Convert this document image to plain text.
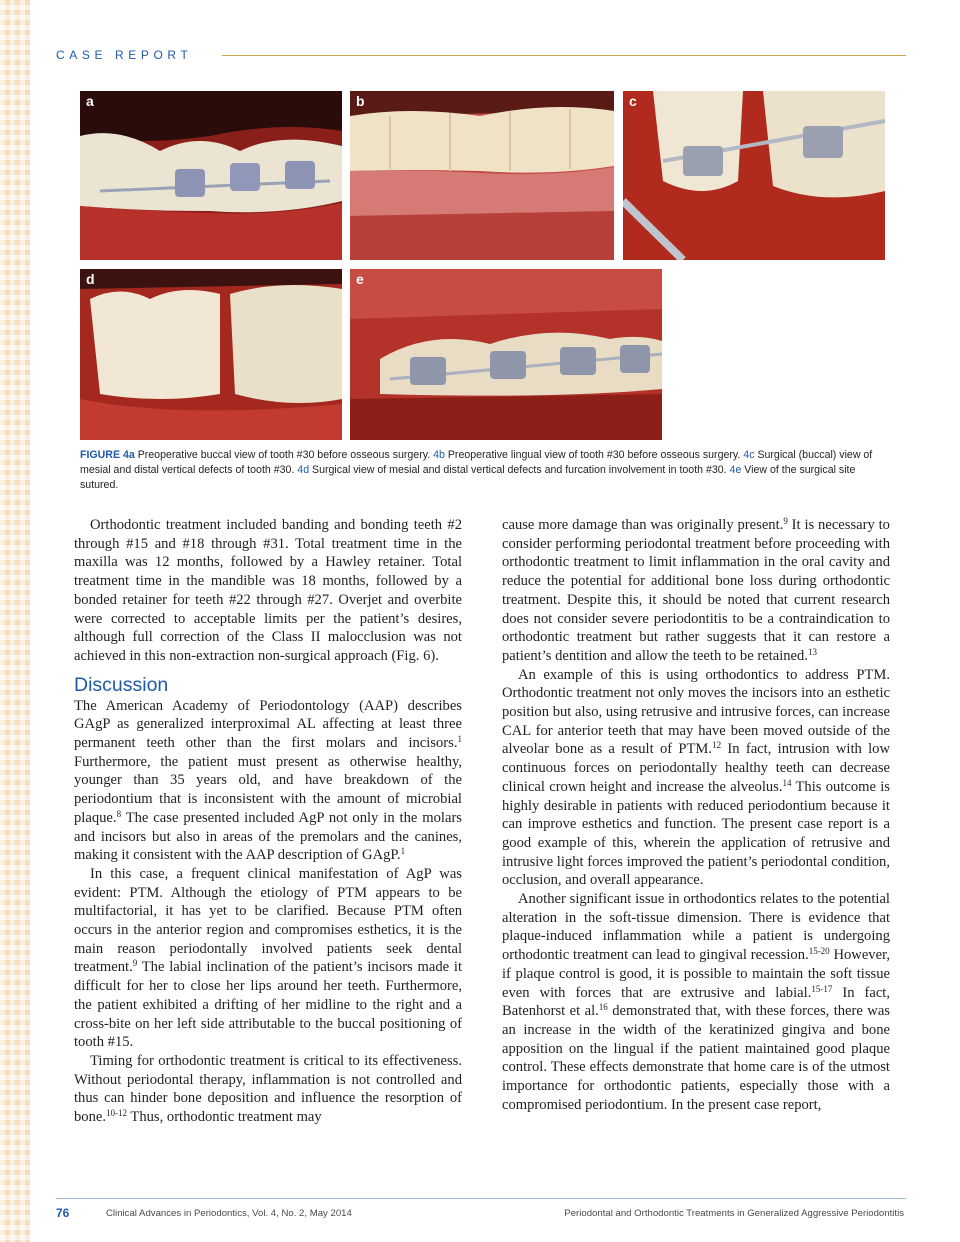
CASE REPORT
a	b	c
d	e
FIGURE 4a Preoperative buccal view of tooth #30 before osseous surgery. 4b Preoperative lingual view of tooth #30 before osseous surgery. 4c Surgical (buccal) view of mesial and distal vertical defects of tooth #30. 4d Surgical view of mesial and distal vertical defects and furcation involvement in tooth #30. 4e View of the surgical site sutured.

Orthodontic treatment included banding and bonding teeth #2 through #15 and #18 through #31. Total treatment time in the maxilla was 12 months, followed by a Hawley retainer. Total treatment time in the mandible was 18 months, followed by a bonded retainer for teeth #22 through #27. Overjet and overbite were corrected to acceptable limits per the patient’s desires, although full correction of the Class II malocclusion was not achieved in this non-extraction non-surgical approach (Fig. 6).

Discussion

The American Academy of Periodontology (AAP) describes GAgP as generalized interproximal AL affecting at least three permanent teeth other than the first molars and incisors.$^1$ Furthermore, the patient must present as otherwise healthy, younger than 35 years old, and have breakdown of the periodontium that is inconsistent with the amount of microbial plaque.$^8$ The case presented included AgP not only in the molars and incisors but also in areas of the premolars and the canines, making it consistent with the AAP description of GAgP.$^1$

In this case, a frequent clinical manifestation of AgP was evident: PTM. Although the etiology of PTM appears to be multifactorial, it has yet to be clarified. Because PTM often occurs in the anterior region and compromises esthetics, it is the main reason periodontally involved patients seek dental treatment.$^9$ The labial inclination of the patient’s incisors made it difficult for her to close her lips around her teeth. Furthermore, the patient exhibited a drifting of her midline to the right and a cross-bite on her left side attributable to the buccal positioning of tooth #15.

Timing for orthodontic treatment is critical to its effectiveness. Without periodontal therapy, inflammation is not controlled and thus can hinder bone deposition and influence the resorption of bone.$^{10-12}$ Thus, orthodontic treatment may

cause more damage than was originally present.$^9$ It is necessary to consider performing periodontal treatment before proceeding with orthodontic treatment to limit inflammation in the oral cavity and reduce the potential for additional bone loss during orthodontic treatment. Despite this, it should be noted that current research does not consider severe periodontitis to be a contraindication to orthodontic treatment but rather suggests that it can restore a patient’s dentition and allow the teeth to be retained.$^{13}$

An example of this is using orthodontics to address PTM. Orthodontic treatment not only moves the incisors into an esthetic position but also, using retrusive and intrusive forces, can increase CAL for anterior teeth that may have been moved outside of the alveolar bone as a result of PTM.$^{12}$ In fact, intrusion with low continuous forces on periodontally healthy teeth can decrease clinical crown height and increase the alveolus.$^{14}$ This outcome is highly desirable in patients with reduced periodontium because it can improve esthetics and function. The present case report is a good example of this, wherein the application of retrusive and intrusive light forces improved the patient’s periodontal condition, occlusion, and overall appearance.

Another significant issue in orthodontics relates to the potential alteration in the soft-tissue dimension. There is evidence that plaque-induced inflammation while a patient is undergoing orthodontic treatment can lead to gingival recession.$^{15-20}$ However, if plaque control is good, it is possible to maintain the soft tissue even with forces that are extrusive and labial.$^{15-17}$ In fact, Batenhorst et al.$^{16}$ demonstrated that, with these forces, there was an increase in the width of the keratinized gingiva and bone apposition on the lingual if the patient maintained good plaque control. These effects demonstrate that home care is of the utmost importance for orthodontic patients, especially those with a compromised periodontium. In the present case report,

76	Clinical Advances in Periodontics, Vol. 4, No. 2, May 2014	Periodontal and Orthodontic Treatments in Generalized Aggressive Periodontitis
